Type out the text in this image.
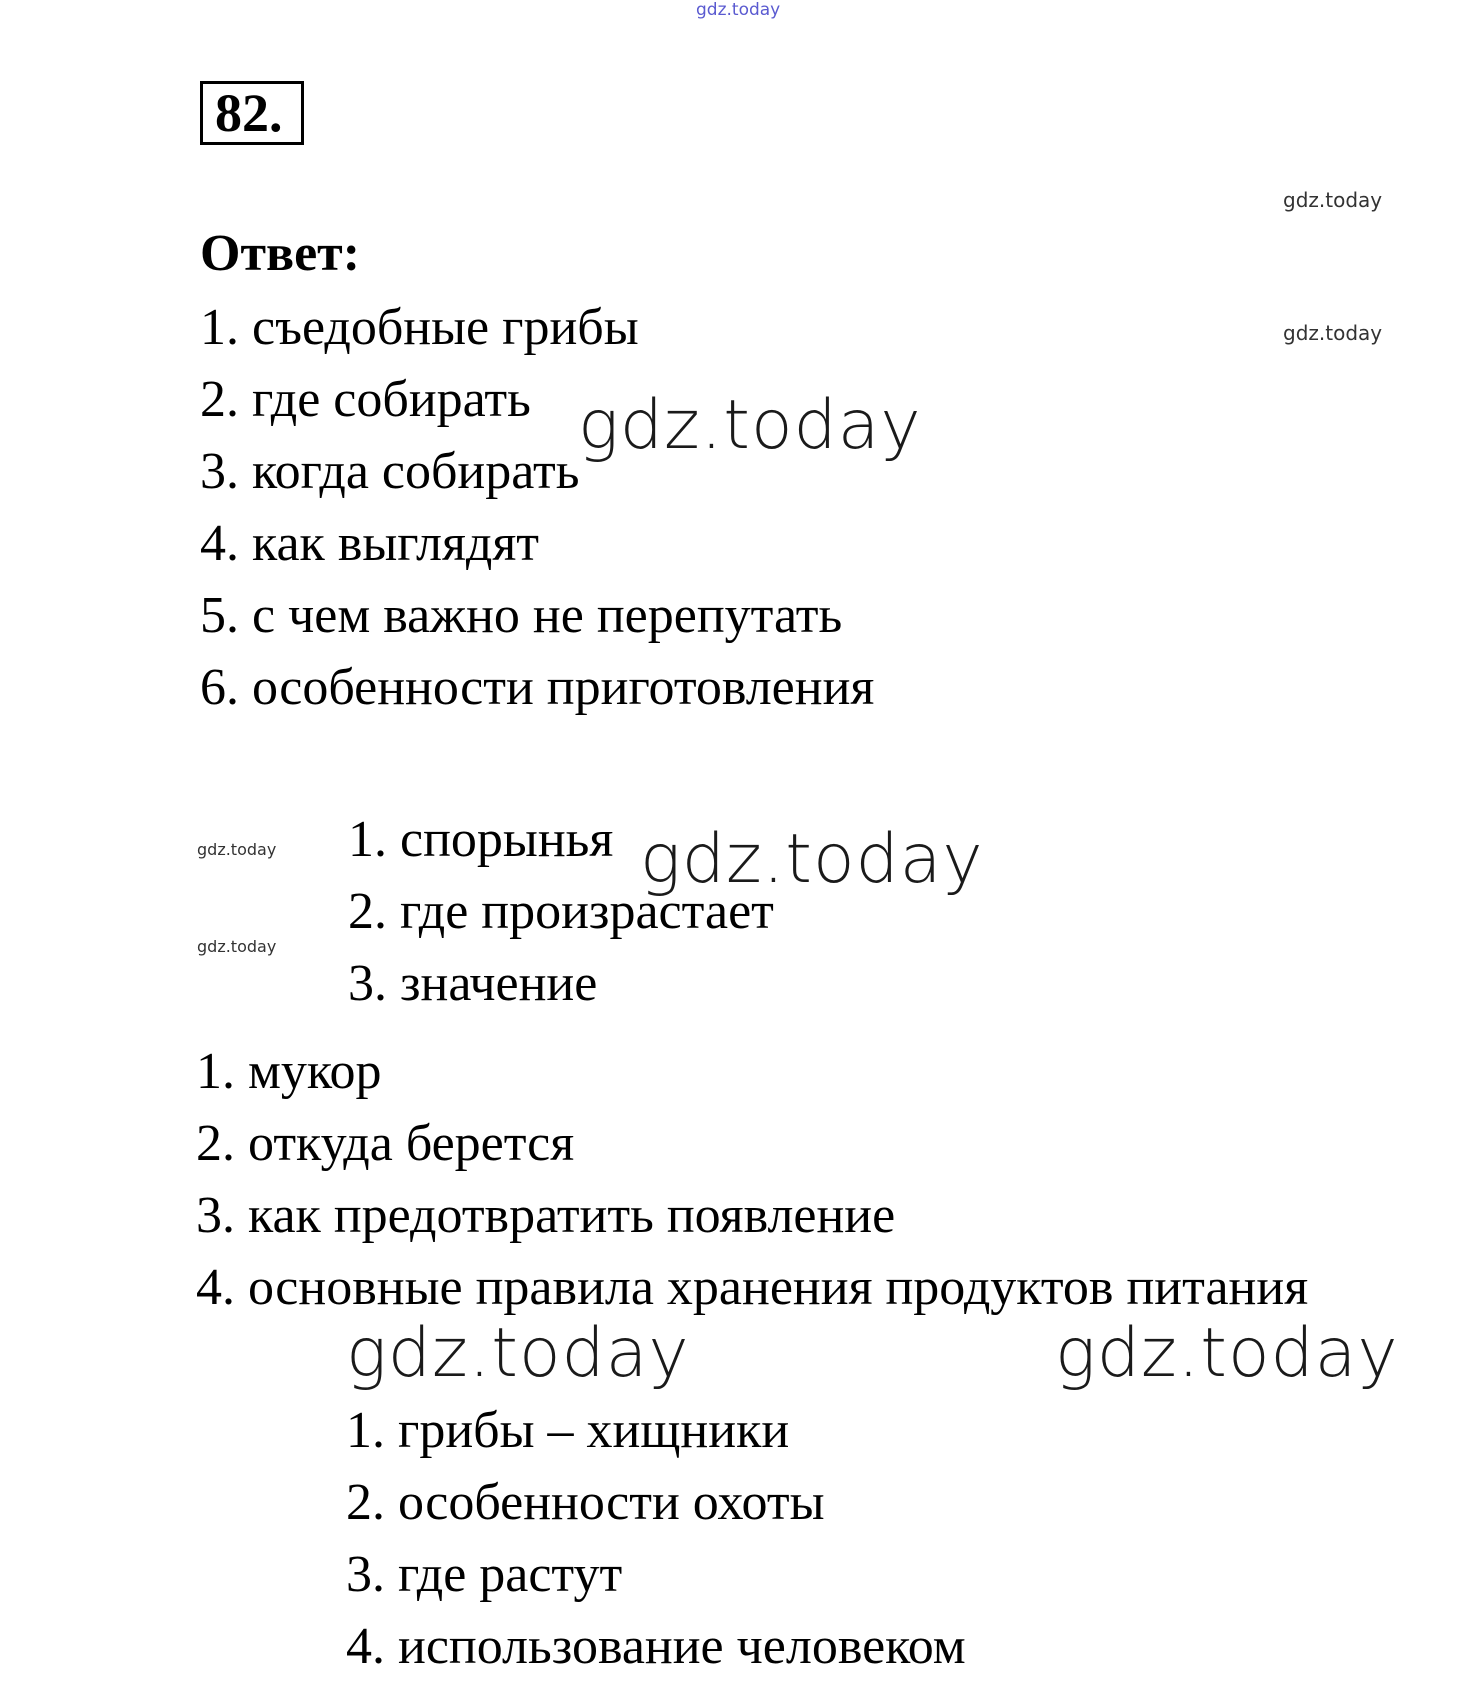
gdz.today
82.
gdz.today
Ответ:
gdz.today
1. съедобные грибы
2. где собирать
3. когда собирать
4. как выглядят
5. с чем важно не перепутать
6. особенности приготовления
gdz.today
gdz.today
gdz.today
1. спорынья
2. где произрастает
3. значение
gdz.today
1. мукор
2. откуда берется
3. как предотвратить появление
4. основные правила хранения продуктов питания
gdz.today	gdz.today
1. грибы – хищники
2. особенности охоты
3. где растут
4. использование человеком
